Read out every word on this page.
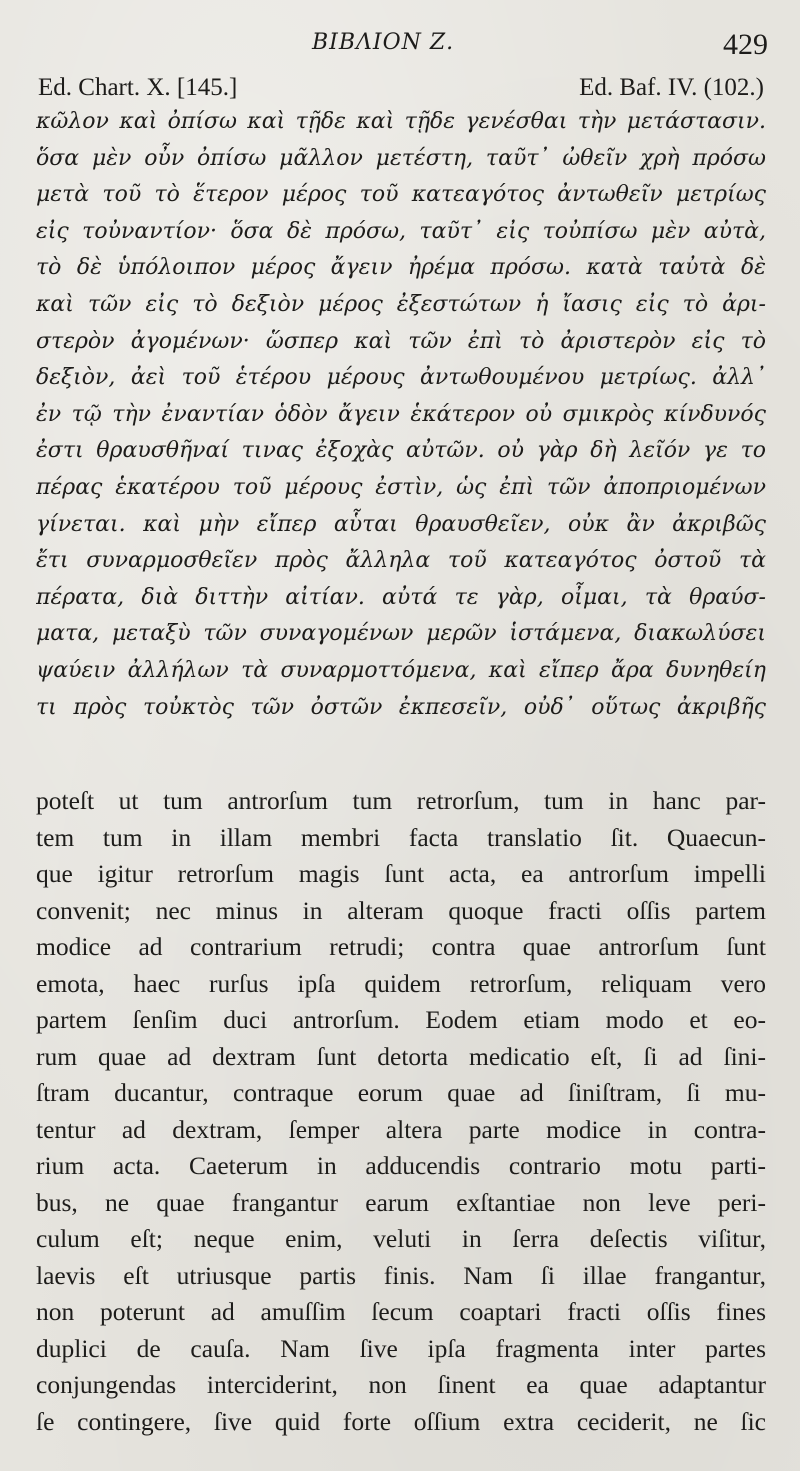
ΒΙΒΛΙΟΝ Ζ.	429
Ed. Chart. X. [145.]	Ed. Baf. IV. (102.)
κῶλον καὶ ὀπίσω καὶ τῇδε καὶ τῇδε γενέσθαι τὴν μετάστασιν.
ὅσα μὲν οὖν ὀπίσω μᾶλλον μετέστη, ταῦτ᾽ ὠθεῖν χρὴ πρόσω
μετὰ τοῦ τὸ ἕτερον μέρος τοῦ κατεαγότος ἀντωθεῖν μετρίως
εἰς τοὐναντίον· ὅσα δὲ πρόσω, ταῦτ᾽ εἰς τοὐπίσω μὲν αὐτὰ,
τὸ δὲ ὑπόλοιπον μέρος ἄγειν ἠρέμα πρόσω. κατὰ ταὐτὰ δὲ
καὶ τῶν εἰς τὸ δεξιὸν μέρος ἐξεστώτων ἡ ἴασις εἰς τὸ ἀρι-
στερὸν ἀγομένων· ὥσπερ καὶ τῶν ἐπὶ τὸ ἀριστερὸν εἰς τὸ
δεξιὸν, ἀεὶ τοῦ ἑτέρου μέρους ἀντωθουμένου μετρίως. ἀλλ᾽
ἐν τῷ τὴν ἐναντίαν ὁδὸν ἄγειν ἑκάτερον οὐ σμικρὸς κίνδυνός
ἐστι θραυσθῆναί τινας ἐξοχὰς αὐτῶν. οὐ γὰρ δὴ λεῖόν γε το
πέρας ἑκατέρου τοῦ μέρους ἐστὶν, ὡς ἐπὶ τῶν ἀποπριομένων
γίνεται. καὶ μὴν εἴπερ αὗται θραυσθεῖεν, οὐκ ἂν ἀκριβῶς
ἔτι συναρμοσθεῖεν πρὸς ἄλληλα τοῦ κατεαγότος ὀστοῦ τὰ
πέρατα, διὰ διττὴν αἰτίαν. αὐτά τε γὰρ, οἶμαι, τὰ θραύσ-
ματα, μεταξὺ τῶν συναγομένων μερῶν ἱστάμενα, διακωλύσει
ψαύειν ἀλλήλων τὰ συναρμοττόμενα, καὶ εἴπερ ἄρα δυνηθείη
τι πρὸς τοὐκτὸς τῶν ὀστῶν ἐκπεσεῖν, οὐδ᾽ οὕτως ἀκριβῆς
poteſt ut tum antrorſum tum retrorſum, tum in hanc par-
tem tum in illam membri facta translatio ſit. Quaecun-
que igitur retrorſum magis ſunt acta, ea antrorſum impelli
convenit; nec minus in alteram quoque fracti oſſis partem
modice ad contrarium retrudi; contra quae antrorſum ſunt
emota, haec rurſus ipſa quidem retrorſum, reliquam vero
partem ſenſim duci antrorſum. Eodem etiam modo et eo-
rum quae ad dextram ſunt detorta medicatio eſt, ſi ad ſini-
ſtram ducantur, contraque eorum quae ad ſiniſtram, ſi mu-
tentur ad dextram, ſemper altera parte modice in contra-
rium acta. Caeterum in adducendis contrario motu parti-
bus, ne quae frangantur earum exſtantiae non leve peri-
culum eſt; neque enim, veluti in ſerra deſectis viſitur,
laevis eſt utriusque partis finis. Nam ſi illae frangantur,
non poterunt ad amuſſim ſecum coaptari fracti oſſis fines
duplici de cauſa. Nam ſive ipſa fragmenta inter partes
conjungendas interciderint, non ſinent ea quae adaptantur
ſe contingere, ſive quid forte oſſium extra ceciderit, ne ſic
